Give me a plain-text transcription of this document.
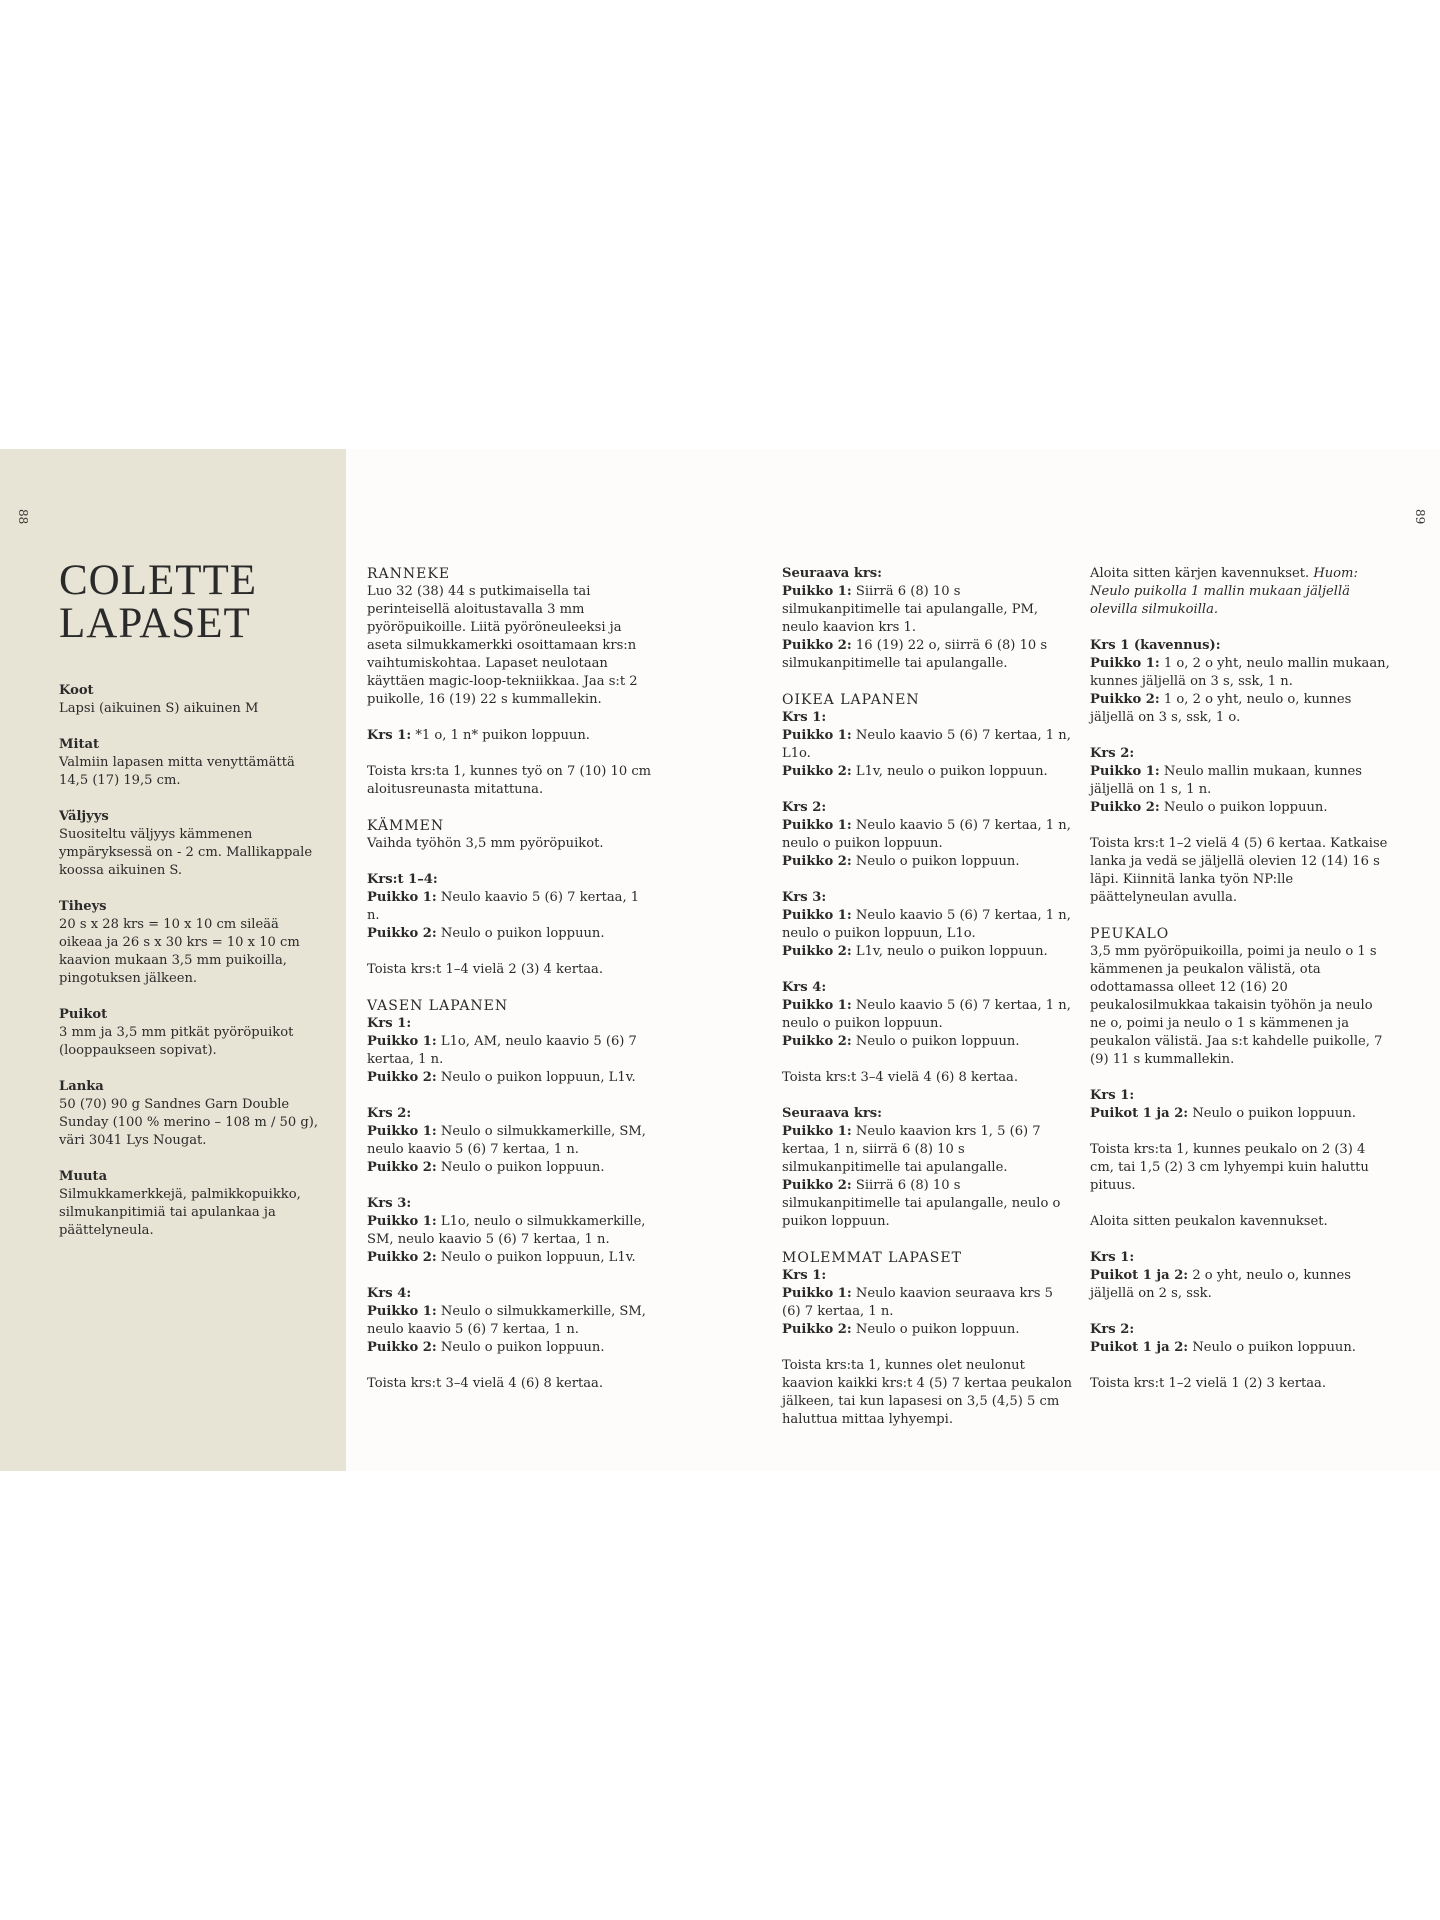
88
COLETTE
LAPASET
Koot
Lapsi (aikuinen S) aikuinen M
Mitat
Valmiin lapasen mitta venyttämättä 14,5 (17) 19,5 cm.
Väljyys
Suositeltu väljyys kämmenen ympäryksessä on - 2 cm. Mallikappale koossa aikuinen S.
Tiheys
20 s x 28 krs = 10 x 10 cm sileää oikeaa ja 26 s x 30 krs = 10 x 10 cm kaavion mukaan 3,5 mm puikoilla, pingotuksen jälkeen.
Puikot
3 mm ja 3,5 mm pitkät pyöröpuikot (looppaukseen sopivat).
Lanka
50 (70) 90 g Sandnes Garn Double Sunday (100 % merino – 108 m / 50 g), väri 3041 Lys Nougat.
Muuta
Silmukkamerkkejä, palmikkopuikko, silmukanpitimiä tai apulankaa ja päättelyneula.
89

RANNEKE
Luo 32 (38) 44 s putkimaisella tai perinteisellä aloitustavalla 3 mm pyöröpuikoille. Liitä pyöröneuleeksi ja aseta silmukkamerkki osoittamaan krs:n vaihtumiskohtaa. Lapaset neulotaan käyttäen magic-loop-tekniikkaa. Jaa s:t 2 puikolle, 16 (19) 22 s kummallekin.

Krs 1: *1 o, 1 n* puikon loppuun.

Toista krs:ta 1, kunnes työ on 7 (10) 10 cm aloitusreunasta mitattuna.

KÄMMEN
Vaihda työhön 3,5 mm pyöröpuikot.

Krs:t 1–4:
Puikko 1: Neulo kaavio 5 (6) 7 kertaa, 1 n.
Puikko 2: Neulo o puikon loppuun.

Toista krs:t 1–4 vielä 2 (3) 4 kertaa.

VASEN LAPANEN
Krs 1:
Puikko 1: L1o, AM, neulo kaavio 5 (6) 7 kertaa, 1 n.
Puikko 2: Neulo o puikon loppuun, L1v.

Krs 2:
Puikko 1: Neulo o silmukkamerkille, SM, neulo kaavio 5 (6) 7 kertaa, 1 n.
Puikko 2: Neulo o puikon loppuun.

Krs 3:
Puikko 1: L1o, neulo o silmukkamerkille, SM, neulo kaavio 5 (6) 7 kertaa, 1 n.
Puikko 2: Neulo o puikon loppuun, L1v.

Krs 4:
Puikko 1: Neulo o silmukkamerkille, SM, neulo kaavio 5 (6) 7 kertaa, 1 n.
Puikko 2: Neulo o puikon loppuun.

Toista krs:t 3–4 vielä 4 (6) 8 kertaa.

Seuraava krs:
Puikko 1: Siirrä 6 (8) 10 s silmukanpitimelle tai apulangalle, PM, neulo kaavion krs 1.
Puikko 2: 16 (19) 22 o, siirrä 6 (8) 10 s silmukanpitimelle tai apulangalle.

OIKEA LAPANEN
Krs 1:
Puikko 1: Neulo kaavio 5 (6) 7 kertaa, 1 n, L1o.
Puikko 2: L1v, neulo o puikon loppuun.

Krs 2:
Puikko 1: Neulo kaavio 5 (6) 7 kertaa, 1 n, neulo o puikon loppuun.
Puikko 2: Neulo o puikon loppuun.

Krs 3:
Puikko 1: Neulo kaavio 5 (6) 7 kertaa, 1 n, neulo o puikon loppuun, L1o.
Puikko 2: L1v, neulo o puikon loppuun.

Krs 4:
Puikko 1: Neulo kaavio 5 (6) 7 kertaa, 1 n, neulo o puikon loppuun.
Puikko 2: Neulo o puikon loppuun.

Toista krs:t 3–4 vielä 4 (6) 8 kertaa.

Seuraava krs:
Puikko 1: Neulo kaavion krs 1, 5 (6) 7 kertaa, 1 n, siirrä 6 (8) 10 s silmukanpitimelle tai apulangalle.
Puikko 2: Siirrä 6 (8) 10 s silmukanpitimelle tai apulangalle, neulo o puikon loppuun.

MOLEMMAT LAPASET
Krs 1:
Puikko 1: Neulo kaavion seuraava krs 5 (6) 7 kertaa, 1 n.
Puikko 2: Neulo o puikon loppuun.

Toista krs:ta 1, kunnes olet neulonut kaavion kaikki krs:t 4 (5) 7 kertaa peukalon jälkeen, tai kun lapasesi on 3,5 (4,5) 5 cm haluttua mittaa lyhyempi.

Aloita sitten kärjen kavennukset. Huom: Neulo puikolla 1 mallin mukaan jäljellä olevilla silmukoilla.

Krs 1 (kavennus):
Puikko 1: 1 o, 2 o yht, neulo mallin mukaan, kunnes jäljellä on 3 s, ssk, 1 n.
Puikko 2: 1 o, 2 o yht, neulo o, kunnes jäljellä on 3 s, ssk, 1 o.

Krs 2:
Puikko 1: Neulo mallin mukaan, kunnes jäljellä on 1 s, 1 n.
Puikko 2: Neulo o puikon loppuun.

Toista krs:t 1–2 vielä 4 (5) 6 kertaa. Katkaise lanka ja vedä se jäljellä olevien 12 (14) 16 s läpi. Kiinnitä lanka työn NP:lle päättelyneulan avulla.

PEUKALO
3,5 mm pyöröpuikoilla, poimi ja neulo o 1 s kämmenen ja peukalon välistä, ota odottamassa olleet 12 (16) 20 peukalosilmukkaa takaisin työhön ja neulo ne o, poimi ja neulo o 1 s kämmenen ja peukalon välistä. Jaa s:t kahdelle puikolle, 7 (9) 11 s kummallekin.

Krs 1:
Puikot 1 ja 2: Neulo o puikon loppuun.

Toista krs:ta 1, kunnes peukalo on 2 (3) 4 cm, tai 1,5 (2) 3 cm lyhyempi kuin haluttu pituus.

Aloita sitten peukalon kavennukset.

Krs 1:
Puikot 1 ja 2: 2 o yht, neulo o, kunnes jäljellä on 2 s, ssk.

Krs 2:
Puikot 1 ja 2: Neulo o puikon loppuun.

Toista krs:t 1–2 vielä 1 (2) 3 kertaa.
